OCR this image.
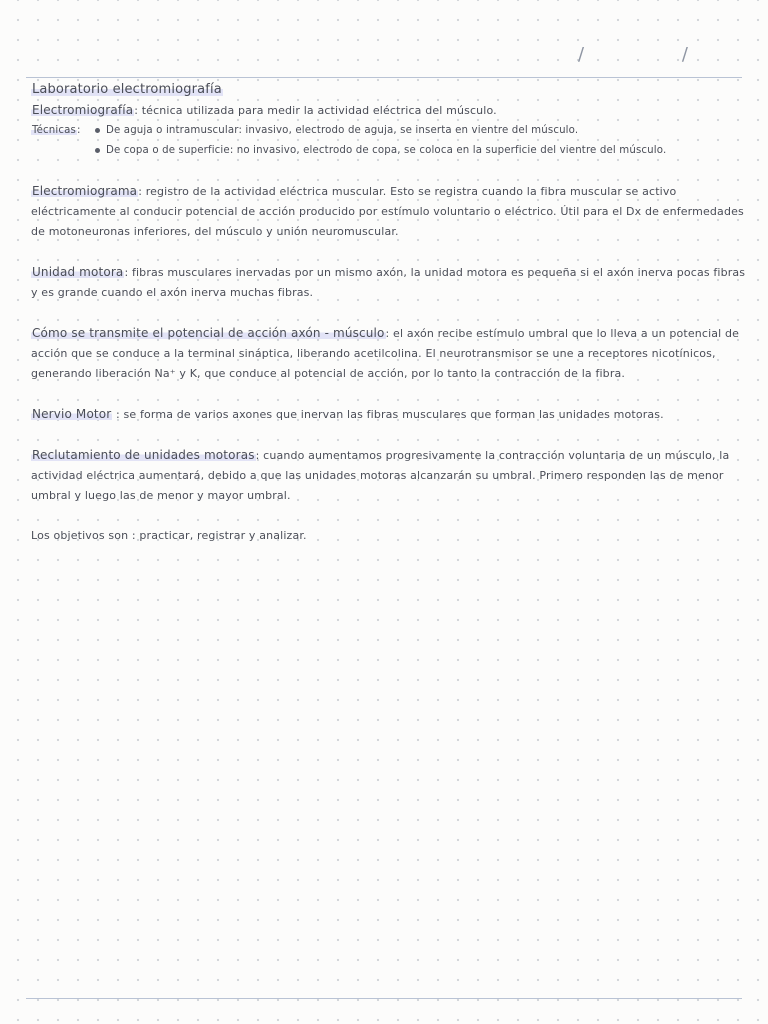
/	/

Laboratorio electromiografía

Electromiografía: técnica utilizada para medir la actividad eléctrica del músculo.

Técnicas:	De aguja o intramuscular: invasivo, electrodo de aguja, se inserta en vientre del músculo.
De copa o de superficie: no invasivo, electrodo de copa, se coloca en la superficie del vientre del músculo.

Electromiograma: registro de la actividad eléctrica muscular. Esto se registra cuando la fibra muscular se activo eléctricamente al conducir potencial de acción producido por estímulo voluntario o eléctrico. Útil para el Dx de enfermedades de motoneuronas inferiores, del músculo y unión neuromuscular.

Unidad motora: fibras musculares inervadas por un mismo axón, la unidad motora es pequeña si el axón inerva pocas fibras y es grande cuando el axón inerva muchas fibras.

Cómo se transmite el potencial de acción axón - músculo: el axón recibe estímulo umbral que lo lleva a un potencial de acción que se conduce a la terminal sináptica, liberando acetilcolina. El neurotransmisor se une a receptores nicotínicos, generando liberación Na⁺ y K, que conduce al potencial de acción, por lo tanto la contracción de la fibra.

Nervio Motor : se forma de varios axones que inervan las fibras musculares que forman las unidades motoras.

Reclutamiento de unidades motoras: cuando aumentamos progresivamente la contracción voluntaria de un músculo, la actividad eléctrica aumentará, debido a que las unidades motoras alcanzarán su umbral. Primero responden las de menor umbral y luego las de menor y mayor umbral.

Los objetivos son : practicar, registrar y analizar.
